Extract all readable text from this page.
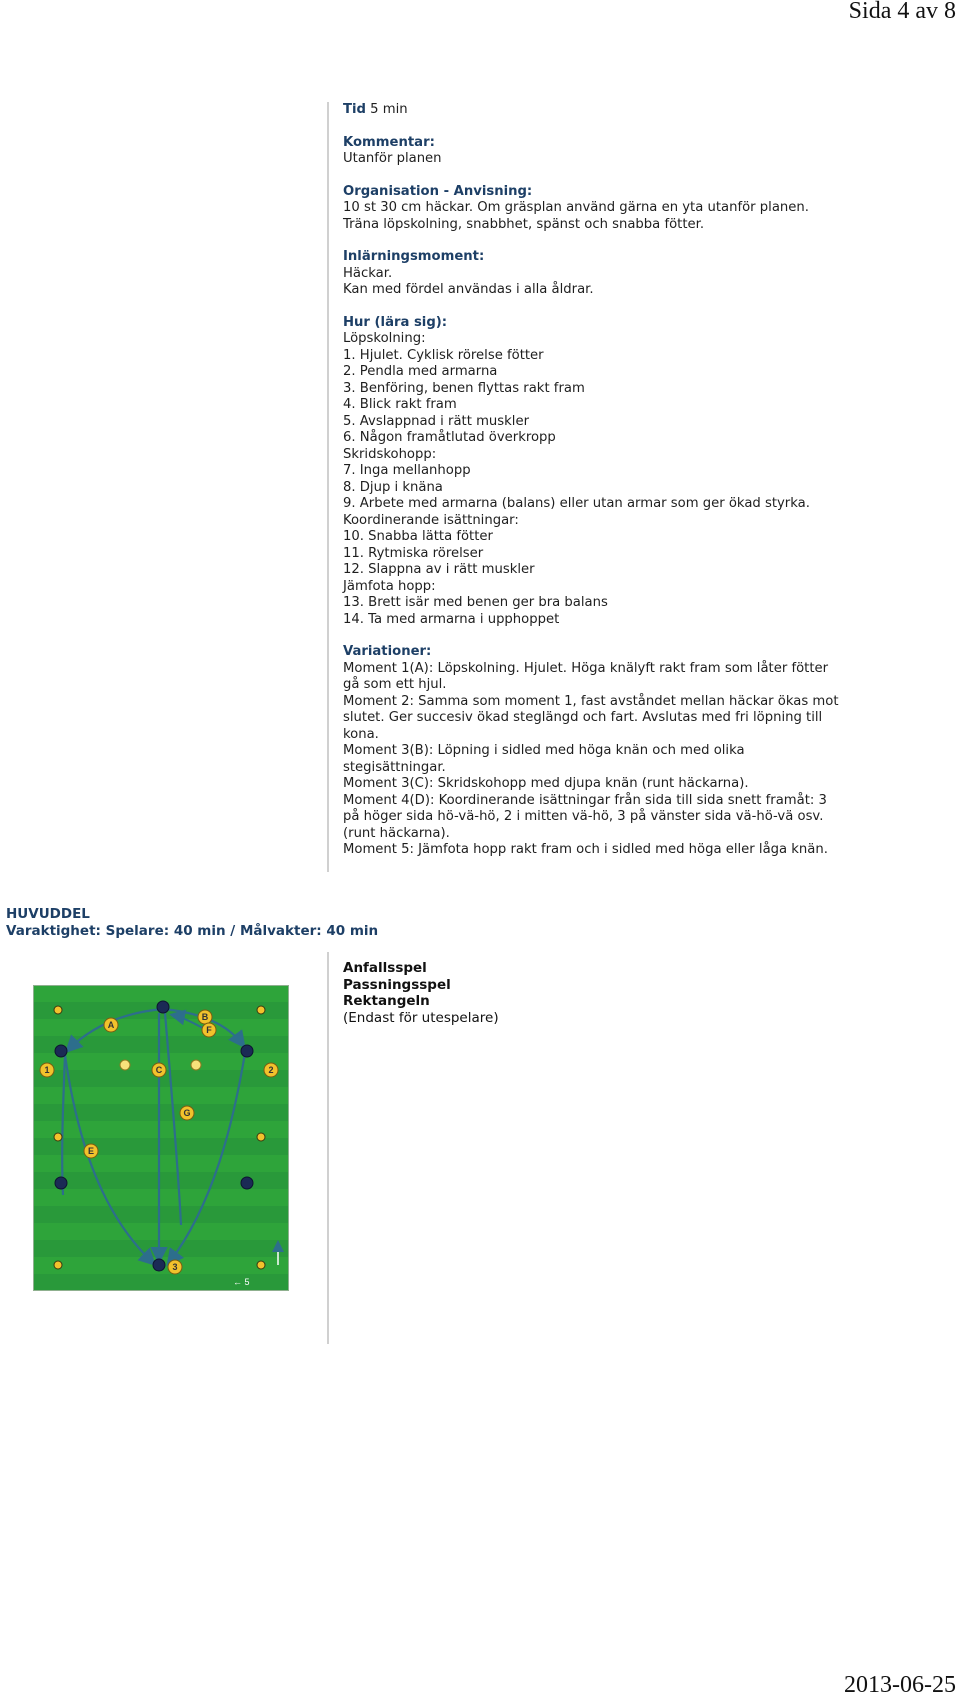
Sida 4 av 8
Tid 5 min
Kommentar:
Utanför planen
Organisation - Anvisning:
10 st 30 cm häckar. Om gräsplan använd gärna en yta utanför planen.
Träna löpskolning, snabbhet, spänst och snabba fötter.
Inlärningsmoment:
Häckar.
Kan med fördel användas i alla åldrar.
Hur (lära sig):
Löpskolning:
1. Hjulet. Cyklisk rörelse fötter
2. Pendla med armarna
3. Benföring, benen flyttas rakt fram
4. Blick rakt fram
5. Avslappnad i rätt muskler
6. Någon framåtlutad överkropp
Skridskohopp:
7. Inga mellanhopp
8. Djup i knäna
9. Arbete med armarna (balans) eller utan armar som ger ökad styrka.
Koordinerande isättningar:
10. Snabba lätta fötter
11. Rytmiska rörelser
12. Slappna av i rätt muskler
Jämfota hopp:
13. Brett isär med benen ger bra balans
14. Ta med armarna i upphoppet
Variationer:
Moment 1(A): Löpskolning. Hjulet. Höga knälyft rakt fram som låter fötter
gå som ett hjul.
Moment 2: Samma som moment 1, fast avståndet mellan häckar ökas mot
slutet. Ger succesiv ökad steglängd och fart. Avslutas med fri löpning till
kona.
Moment 3(B): Löpning i sidled med höga knän och med olika
stegisättningar.
Moment 3(C): Skridskohopp med djupa knän (runt häckarna).
Moment 4(D): Koordinerande isättningar från sida till sida snett framåt: 3
på höger sida hö-vä-hö, 2 i mitten vä-hö, 3 på vänster sida vä-hö-vä osv.
(runt häckarna).
Moment 5: Jämfota hopp rakt fram och i sidled med höga eller låga knän.
HUVUDDEL
Varaktighet: Spelare: 40 min / Målvakter: 40 min
Anfallsspel
Passningsspel
Rektangeln
(Endast för utespelare)
A
B
F
C
G
E
1	2
3
← 5
2013-06-25
